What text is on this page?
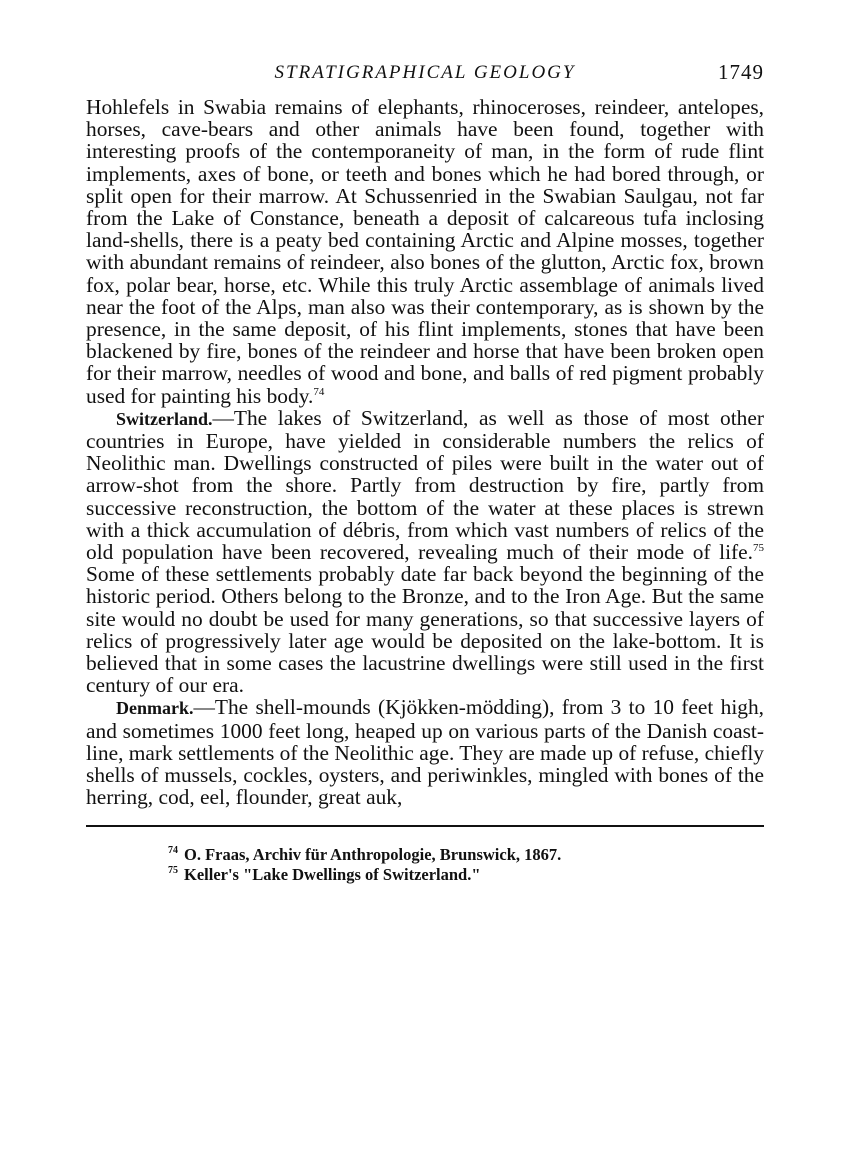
STRATIGRAPHICAL GEOLOGY	1749

Hohlefels in Swabia remains of elephants, rhinoceroses, reindeer, antelopes, horses, cave-bears and other animals have been found, together with interesting proofs of the contemporaneity of man, in the form of rude flint implements, axes of bone, or teeth and bones which he had bored through, or split open for their marrow. At Schussenried in the Swabian Saulgau, not far from the Lake of Constance, beneath a deposit of calcareous tufa inclosing land-shells, there is a peaty bed containing Arctic and Alpine mosses, together with abundant remains of reindeer, also bones of the glutton, Arctic fox, brown fox, polar bear, horse, etc. While this truly Arctic assemblage of animals lived near the foot of the Alps, man also was their contemporary, as is shown by the presence, in the same deposit, of his flint implements, stones that have been blackened by fire, bones of the reindeer and horse that have been broken open for their marrow, needles of wood and bone, and balls of red pigment probably used for painting his body.$^{74}$

Switzerland.—The lakes of Switzerland, as well as those of most other countries in Europe, have yielded in considerable numbers the relics of Neolithic man. Dwellings constructed of piles were built in the water out of arrow-shot from the shore. Partly from destruction by fire, partly from successive reconstruction, the bottom of the water at these places is strewn with a thick accumulation of débris, from which vast numbers of relics of the old population have been recovered, revealing much of their mode of life.$^{75}$ Some of these settlements probably date far back beyond the beginning of the historic period. Others belong to the Bronze, and to the Iron Age. But the same site would no doubt be used for many generations, so that successive layers of relics of progressively later age would be deposited on the lake-bottom. It is believed that in some cases the lacustrine dwellings were still used in the first century of our era.

Denmark.—The shell-mounds (Kjökken-mödding), from 3 to 10 feet high, and sometimes 1000 feet long, heaped up on various parts of the Danish coast-line, mark settlements of the Neolithic age. They are made up of refuse, chiefly shells of mussels, cockles, oysters, and periwinkles, mingled with bones of the herring, cod, eel, flounder, great auk,

$^{74}$ O. Fraas, Archiv für Anthropologie, Brunswick, 1867.
$^{75}$ Keller's "Lake Dwellings of Switzerland."
